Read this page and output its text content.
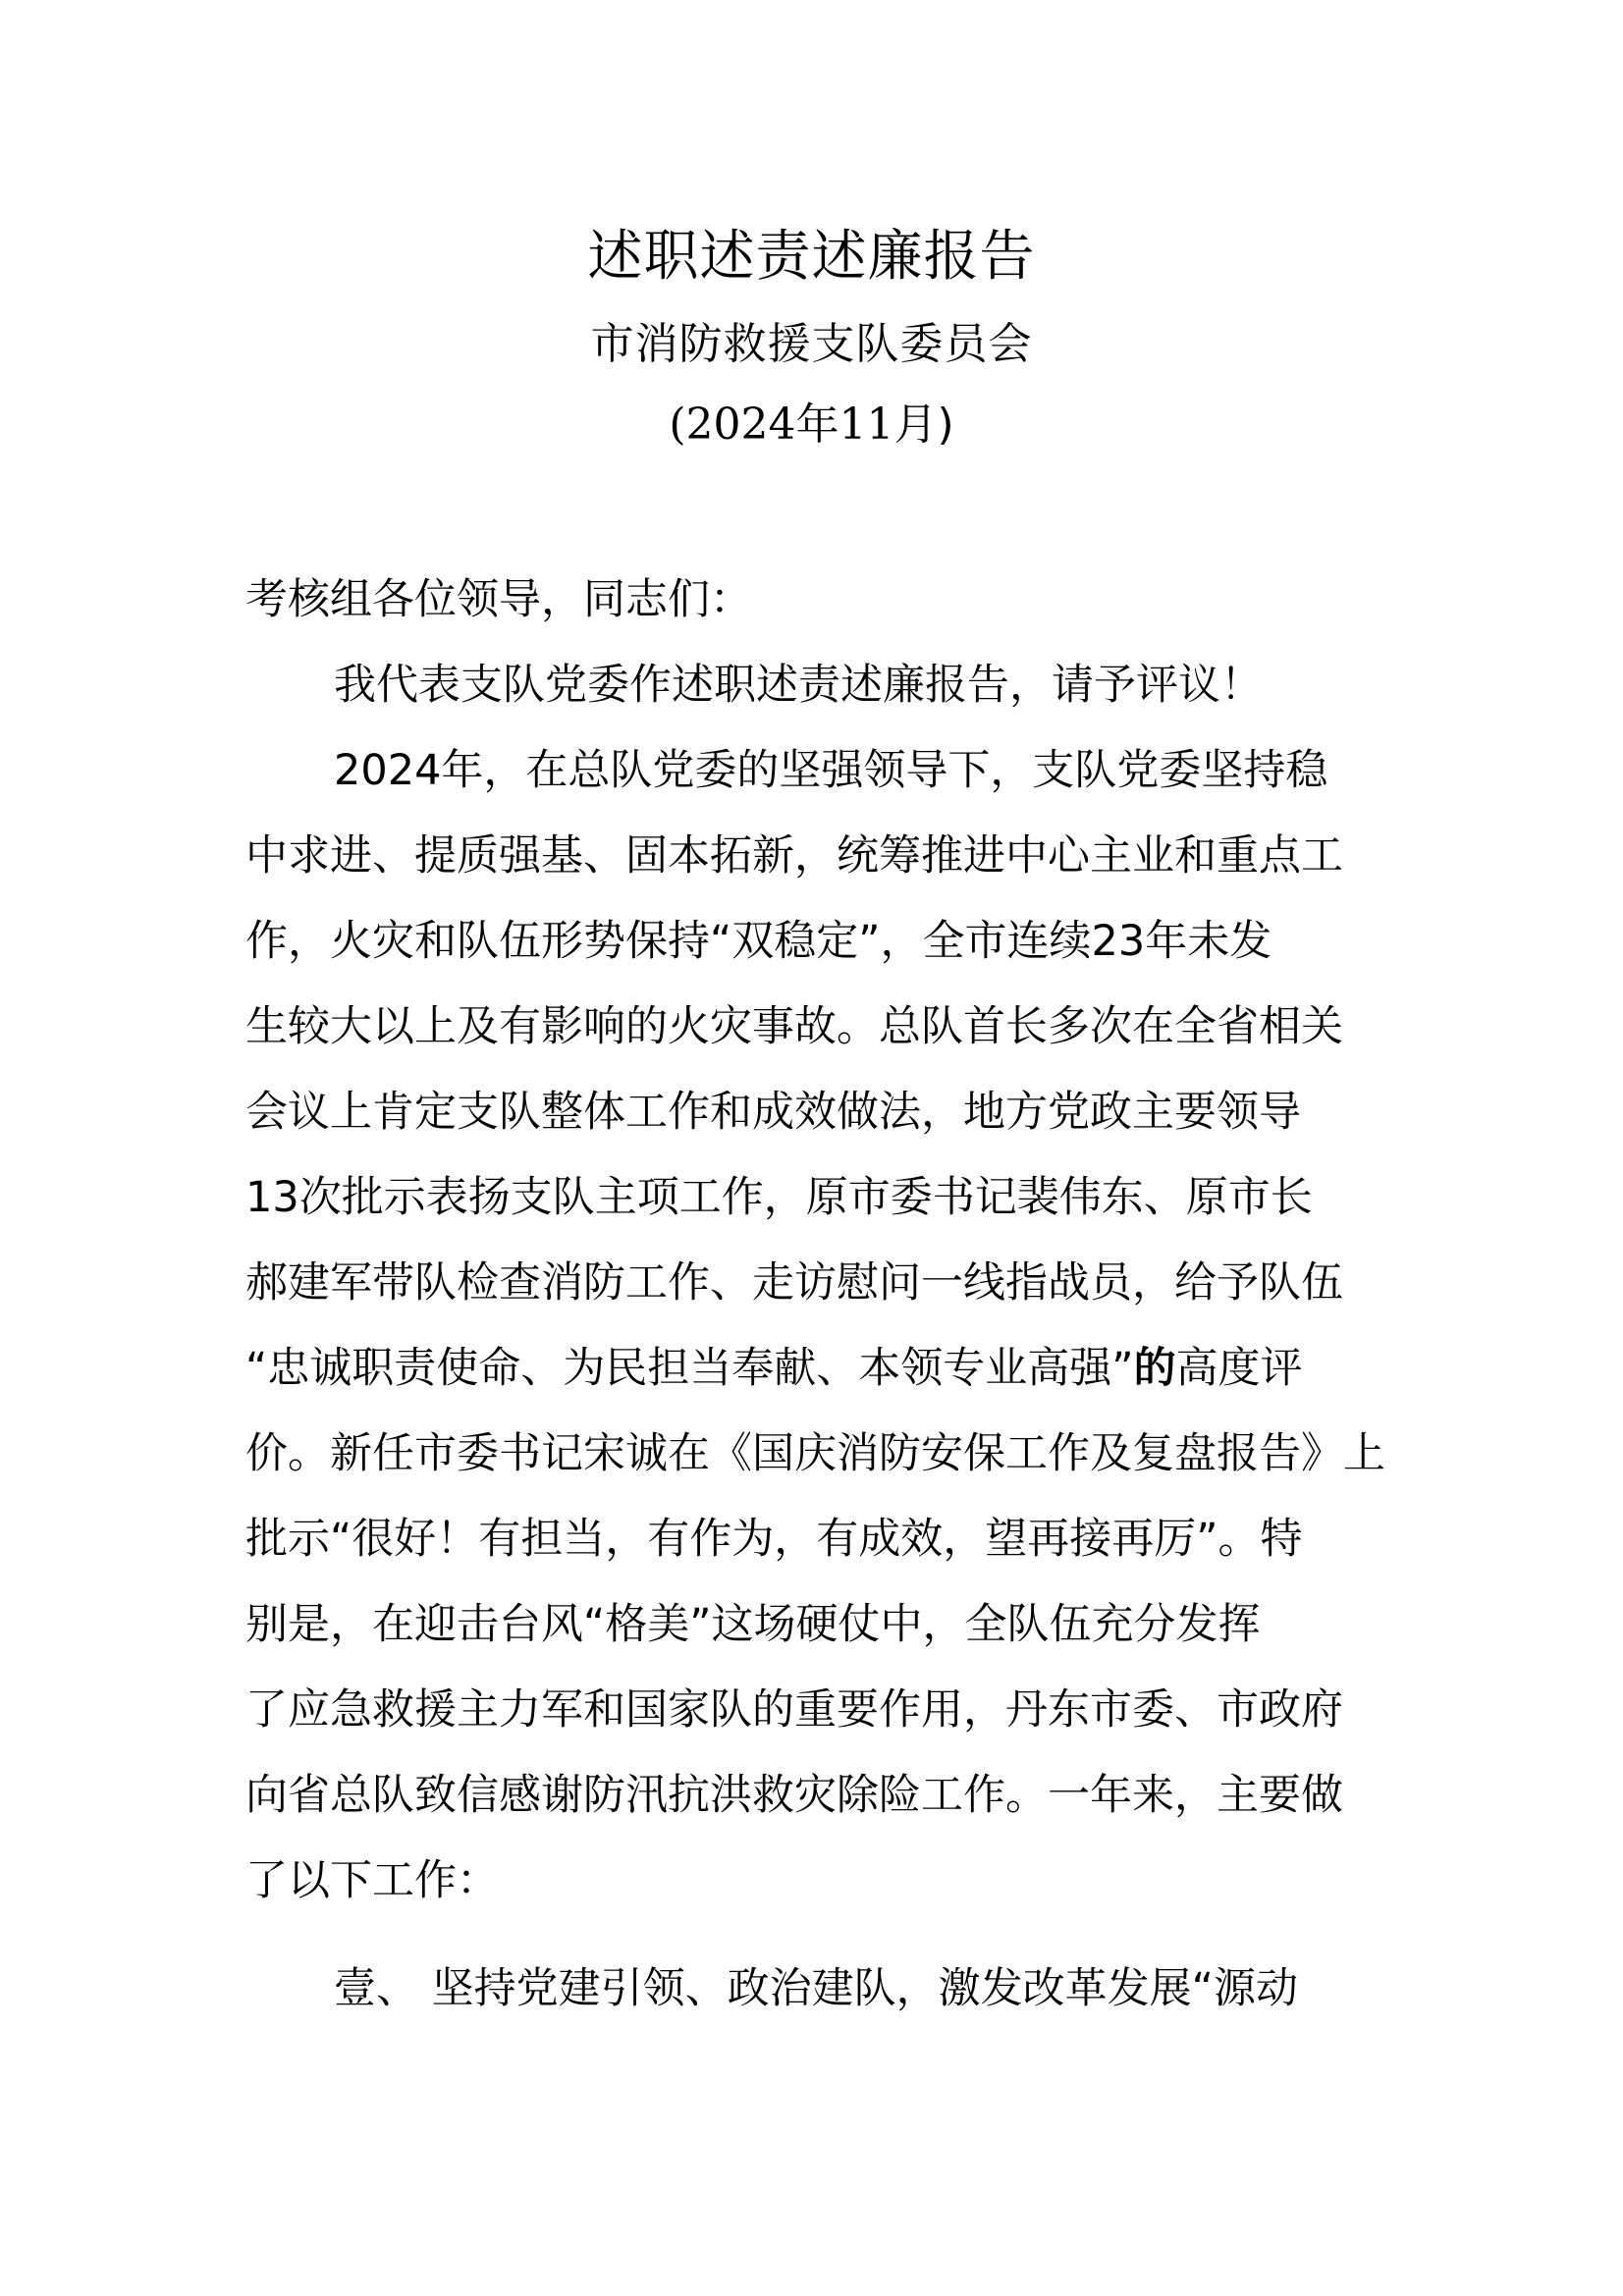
述职述责述廉报告
市消防救援支队委员会
(2024年11月)
考核组各位领导，同志们：
我代表支队党委作述职述责述廉报告，请予评议！
2024年，在总队党委的坚强领导下，支队党委坚持稳
中求进、提质强基、固本拓新，统筹推进中心主业和重点工
作，火灾和队伍形势保持“双稳定”，全市连续23年未发
生较大以上及有影响的火灾事故。总队首长多次在全省相关
会议上肯定支队整体工作和成效做法，地方党政主要领导
13次批示表扬支队主项工作，原市委书记裴伟东、原市长
郝建军带队检查消防工作、走访慰问一线指战员，给予队伍
“忠诚职责使命、为民担当奉献、本领专业高强”的高度评
价。新任市委书记宋诚在《国庆消防安保工作及复盘报告》上
批示“很好！有担当，有作为，有成效，望再接再厉”。特
别是，在迎击台风“格美”这场硬仗中，全队伍充分发挥
了应急救援主力军和国家队的重要作用，丹东市委、市政府
向省总队致信感谢防汛抗洪救灾除险工作。一年来，主要做
了以下工作：
壹、 坚持党建引领、政治建队，激发改革发展“源动
